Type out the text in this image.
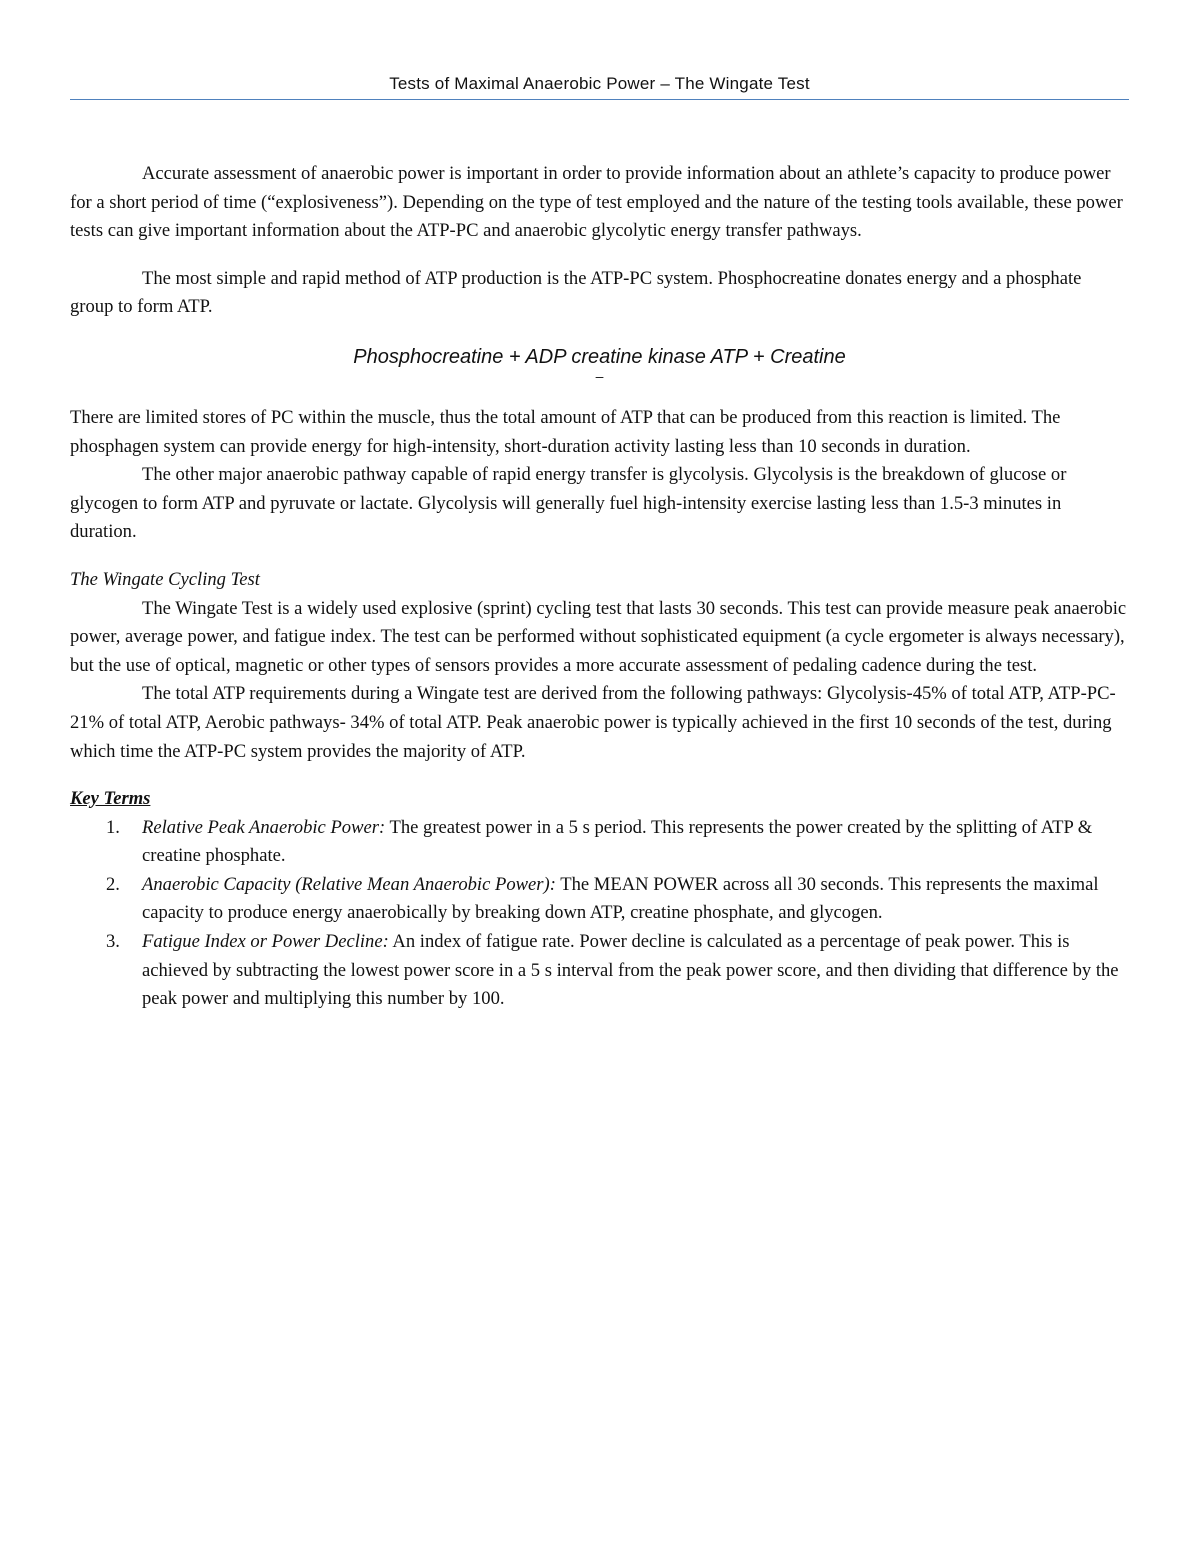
Tests of Maximal Anaerobic Power – The Wingate Test

Accurate assessment of anaerobic power is important in order to provide information about an athlete’s capacity to produce power for a short period of time (“explosiveness”). Depending on the type of test employed and the nature of the testing tools available, these power tests can give important information about the ATP-PC and anaerobic glycolytic energy transfer pathways.

The most simple and rapid method of ATP production is the ATP-PC system. Phosphocreatine donates energy and a phosphate group to form ATP.

Phosphocreatine + ADP creatine kinase ATP + Creatine
–

There are limited stores of PC within the muscle, thus the total amount of ATP that can be produced from this reaction is limited. The phosphagen system can provide energy for high-intensity, short-duration activity lasting less than 10 seconds in duration.

The other major anaerobic pathway capable of rapid energy transfer is glycolysis. Glycolysis is the breakdown of glucose or glycogen to form ATP and pyruvate or lactate. Glycolysis will generally fuel high-intensity exercise lasting less than 1.5-3 minutes in duration.

The Wingate Cycling Test

The Wingate Test is a widely used explosive (sprint) cycling test that lasts 30 seconds. This test can provide measure peak anaerobic power, average power, and fatigue index. The test can be performed without sophisticated equipment (a cycle ergometer is always necessary), but the use of optical, magnetic or other types of sensors provides a more accurate assessment of pedaling cadence during the test.

The total ATP requirements during a Wingate test are derived from the following pathways: Glycolysis-45% of total ATP, ATP-PC-21% of total ATP, Aerobic pathways- 34% of total ATP. Peak anaerobic power is typically achieved in the first 10 seconds of the test, during which time the ATP-PC system provides the majority of ATP.

Key Terms

1. Relative Peak Anaerobic Power: The greatest power in a 5 s period. This represents the power created by the splitting of ATP & creatine phosphate.
2. Anaerobic Capacity (Relative Mean Anaerobic Power): The MEAN POWER across all 30 seconds. This represents the maximal capacity to produce energy anaerobically by breaking down ATP, creatine phosphate, and glycogen.
3. Fatigue Index or Power Decline: An index of fatigue rate. Power decline is calculated as a percentage of peak power. This is achieved by subtracting the lowest power score in a 5 s interval from the peak power score, and then dividing that difference by the peak power and multiplying this number by 100.
